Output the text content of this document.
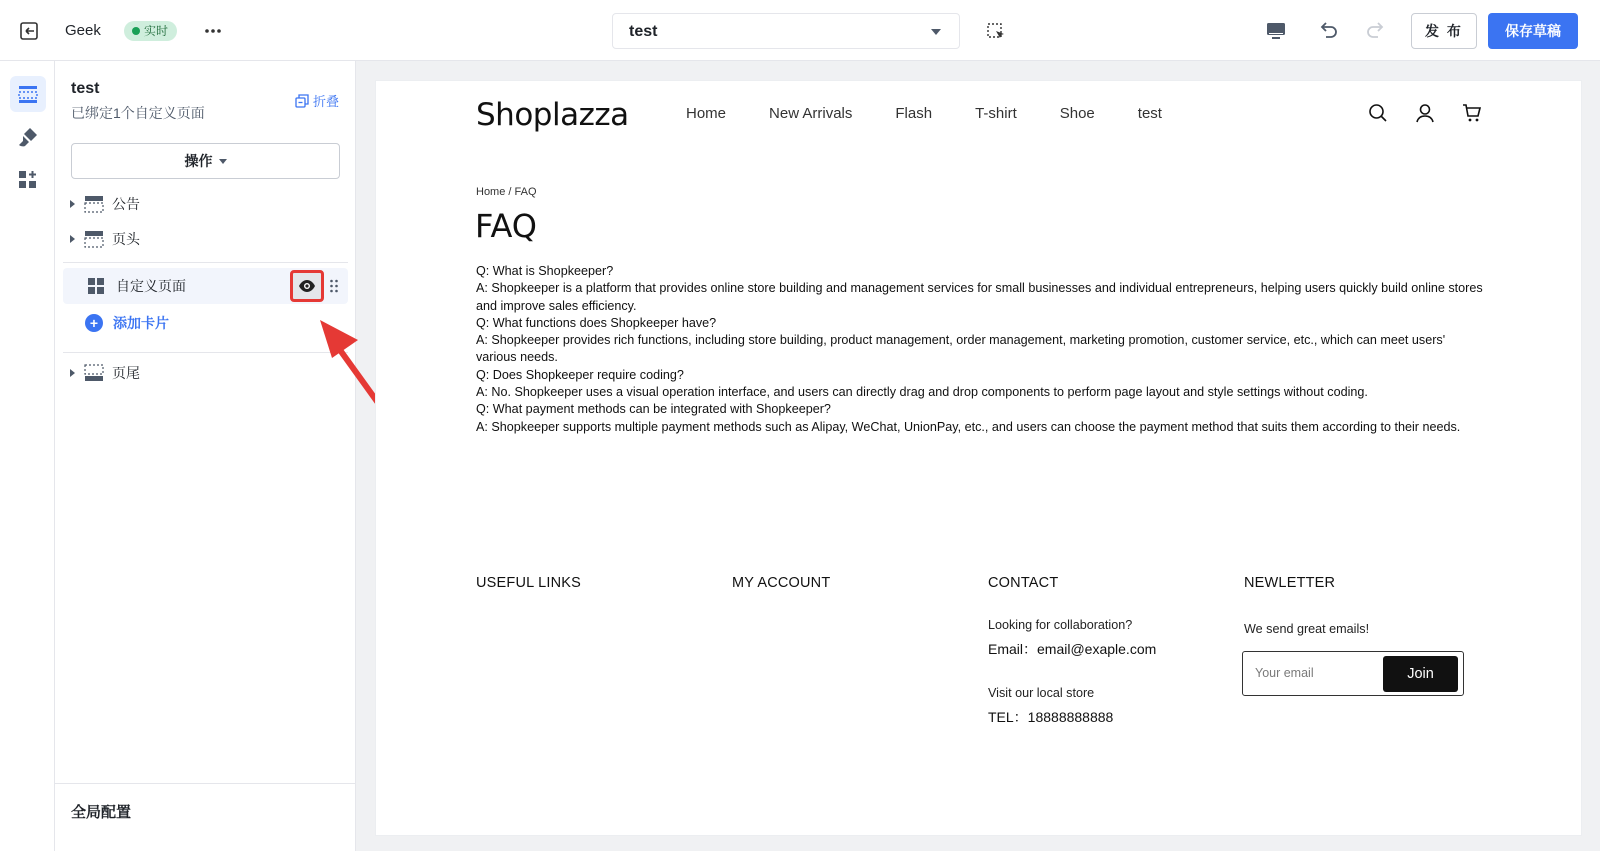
Geek	实时	test	发 布	保存草稿
test
已绑定1个自定义页面
折叠
操作
公告
页头
自定义页面
+	添加卡片
页尾
全局配置
Shoplazza	Home	New Arrivals	Flash	T-shirt	Shoe	test
Home / FAQ
FAQ

Q: What is Shopkeeper?

A: Shopkeeper is a platform that provides online store building and management services for small businesses and individual entrepreneurs, helping users quickly build online stores and improve sales efficiency.

Q: What functions does Shopkeeper have?

A: Shopkeeper provides rich functions, including store building, product management, order management, marketing promotion, customer service, etc., which can meet users' various needs.

Q: Does Shopkeeper require coding?

A: No. Shopkeeper uses a visual operation interface, and users can directly drag and drop components to perform page layout and style settings without coding.

Q: What payment methods can be integrated with Shopkeeper?

A: Shopkeeper supports multiple payment methods such as Alipay, WeChat, UnionPay, etc., and users can choose the payment method that suits them according to their needs.

USEFUL LINKS	MY ACCOUNT	CONTACT	NEWLETTER
Looking for collaboration?
Email：email@exaple.com
Visit our local store
TEL：18888888888
We send great emails!
Your email	Join
